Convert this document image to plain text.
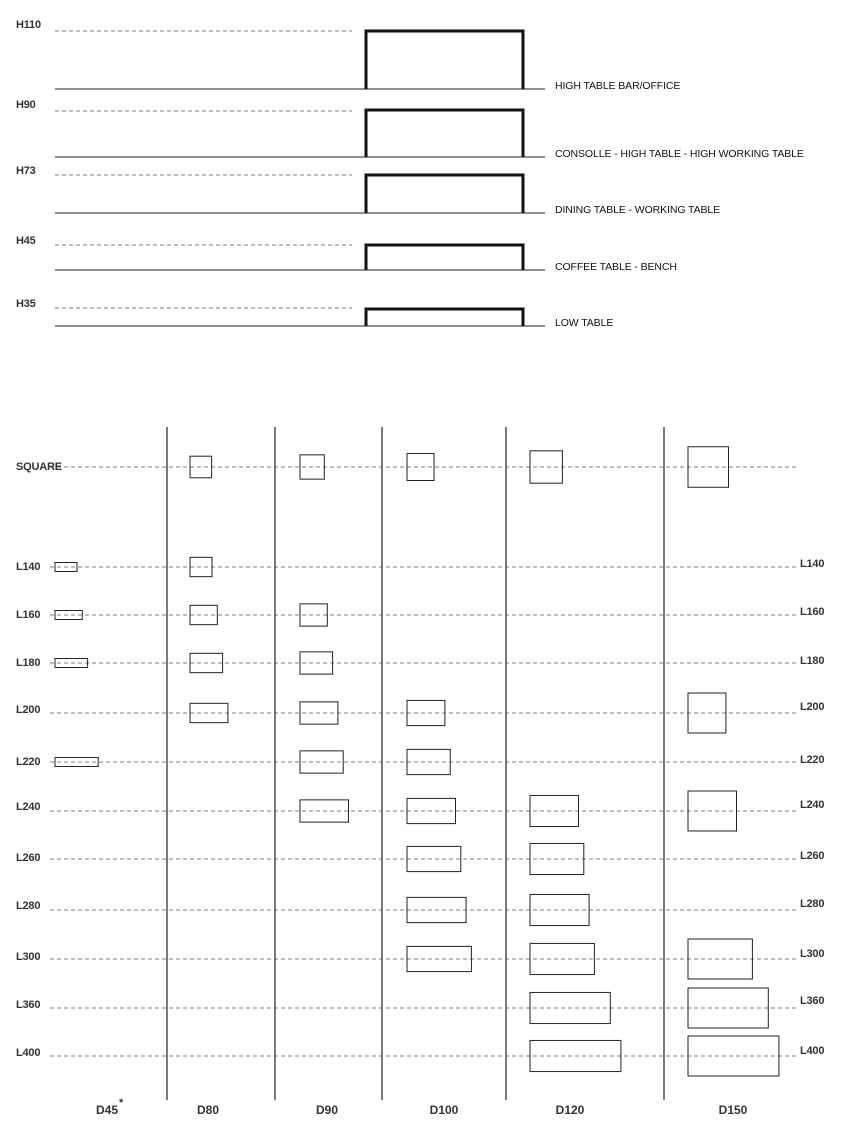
H110
HIGH TABLE BAR/OFFICE
H90
CONSOLLE - HIGH TABLE - HIGH WORKING TABLE
H73
DINING TABLE - WORKING TABLE
H45
COFFEE TABLE - BENCH
H35
LOW TABLE
SQUARE
L140	L140
L160	L160
L180	L180
L200	L200
L220	L220
L240	L240
L260	L260
L280	L280
L300	L300
L360	L360
L400	L400
D45 *	D80	D90	D100	D120	D150
